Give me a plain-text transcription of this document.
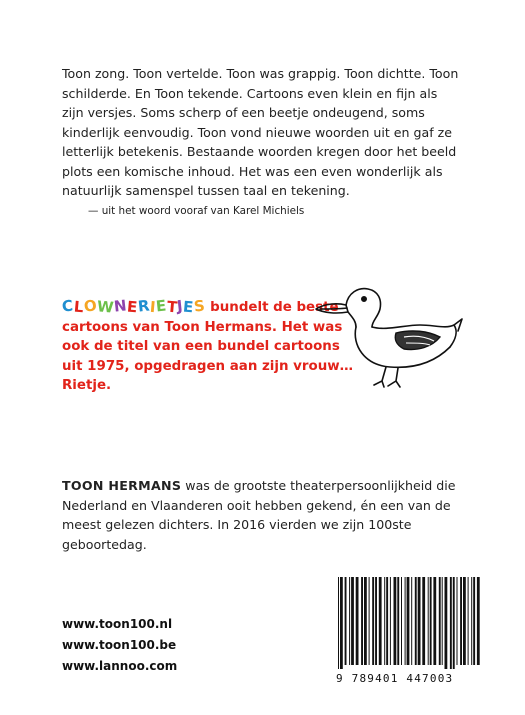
Toon zong. Toon vertelde. Toon was grappig. Toon dichtte. Toon schilderde. En Toon tekende. Cartoons even klein en fijn als zijn versjes. Soms scherp of een beetje ondeugend, soms kinderlijk eenvoudig. Toon vond nieuwe woorden uit en gaf ze letterlijk betekenis. Bestaande woorden kregen door het beeld plots een komische inhoud. Het was een even wonderlijk als natuurlijk samenspel tussen taal en tekening.
— uit het woord vooraf van Karel Michiels
CLOWNERIETJES bundelt de beste cartoons van Toon Hermans. Het was ook de titel van een bundel cartoons uit 1975, opgedragen aan zijn vrouw… Rietje.
TOON HERMANS was de grootste theaterpersoonlijkheid die Nederland en Vlaanderen ooit hebben gekend, én een van de meest gelezen dichters. In 2016 vierden we zijn 100ste geboortedag.
www.toon100.nl
www.toon100.be
www.lannoo.com
9 789401 447003
